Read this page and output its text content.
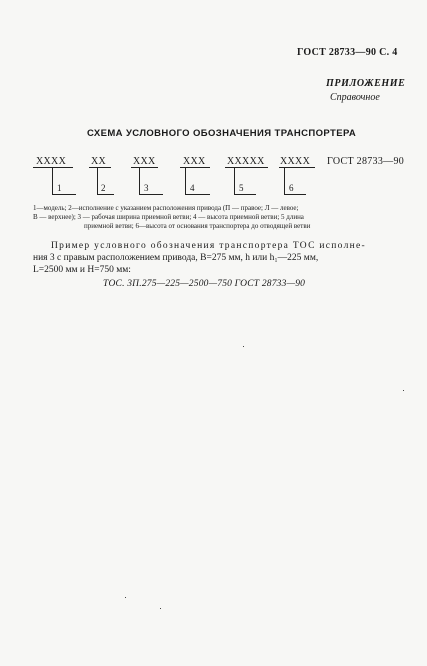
ГОСТ 28733—90 С. 4
ПРИЛОЖЕНИЕ
Справочное
СХЕМА УСЛОВНОГО ОБОЗНАЧЕНИЯ ТРАНСПОРТЕРА
XXXX XX	XXX	XXX XXXXX XXXX ГОСТ 28733—90
1	2	3	4	5	6
1—модель; 2—исполнение с указанием расположения привода (П — правое; Л — левое;
В — верхнее); 3 — рабочая ширина приемной ветви; 4 — высота приемной ветви; 5 длина
приемной ветви; 6—высота от основания транспортера до отводящей ветви
Пример условного обозначения транспортера ТОС исполне-
ния 3 с правым расположением привода, B=275 мм, h или h₁—225 мм,
L=2500 мм и H=750 мм:
ТОС. 3П.275—225—2500—750 ГОСТ 28733—90
